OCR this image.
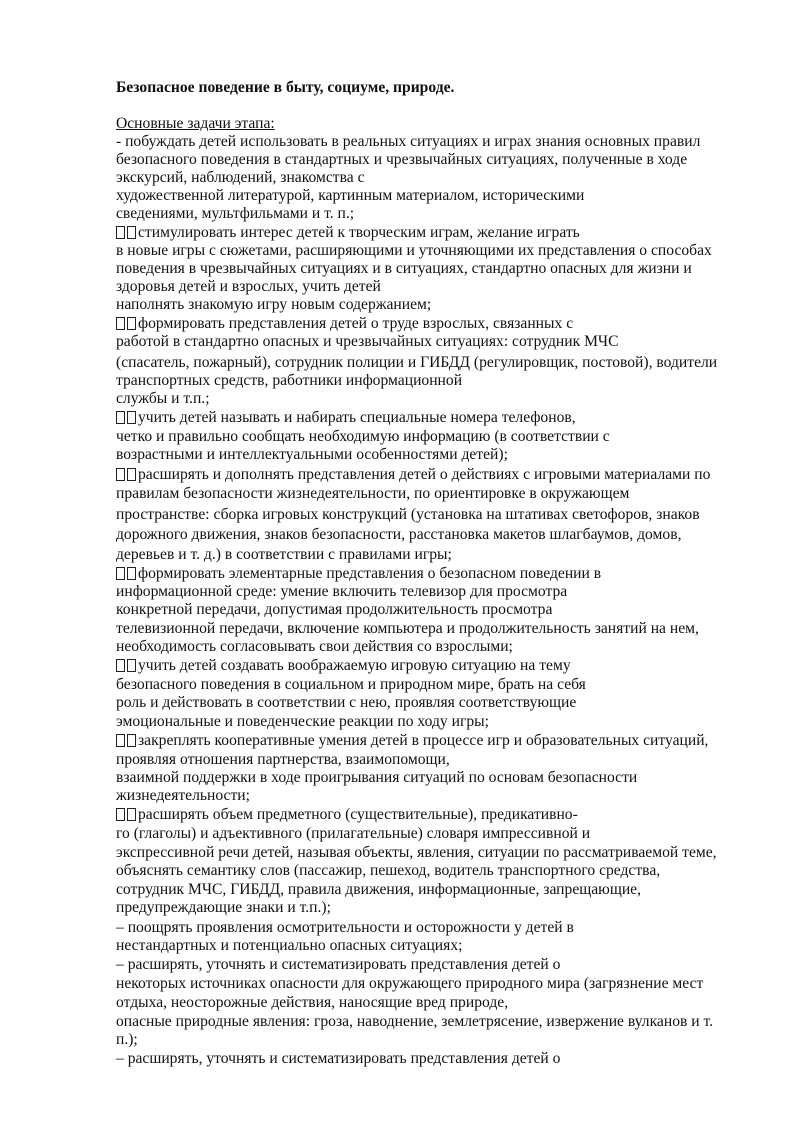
Безопасное поведение в быту, социуме, природе.
Основные задачи этапа:
- побуждать детей использовать в реальных ситуациях и играх знания основных правил
безопасного поведения в стандартных и чрезвычайных ситуациях, полученные в ходе
экскурсий, наблюдений, знакомства с
художественной литературой, картинным материалом, историческими
сведениями, мультфильмами и т. п.;
стимулировать интерес детей к творческим играм, желание играть
в новые игры с сюжетами, расширяющими и уточняющими их представления о способах
поведения в чрезвычайных ситуациях и в ситуациях, стандартно опасных для жизни и
здоровья детей и взрослых, учить детей
наполнять знакомую игру новым содержанием;
формировать представления детей о труде взрослых, связанных с
работой в стандартно опасных и чрезвычайных ситуациях: сотрудник МЧС
(спасатель, пожарный), сотрудник полиции и ГИБДД (регулировщик, постовой), водители
транспортных средств, работники информационной
службы и т.п.;
учить детей называть и набирать специальные номера телефонов,
четко и правильно сообщать необходимую информацию (в соответствии с
возрастными и интеллектуальными особенностями детей);
расширять и дополнять представления детей о действиях с игровыми материалами по
правилам безопасности жизнедеятельности, по ориентировке в окружающем
пространстве: сборка игровых конструкций (установка на штативах светофоров, знаков
дорожного движения, знаков безопасности, расстановка макетов шлагбаумов, домов,
деревьев и т. д.) в соответствии с правилами игры;
формировать элементарные представления о безопасном поведении в
информационной среде: умение включить телевизор для просмотра
конкретной передачи, допустимая продолжительность просмотра
телевизионной передачи, включение компьютера и продолжительность занятий на нем,
необходимость согласовывать свои действия со взрослыми;
учить детей создавать воображаемую игровую ситуацию на тему
безопасного поведения в социальном и природном мире, брать на себя
роль и действовать в соответствии с нею, проявляя соответствующие
эмоциональные и поведенческие реакции по ходу игры;
закреплять кооперативные умения детей в процессе игр и образовательных ситуаций,
проявляя отношения партнерства, взаимопомощи,
взаимной поддержки в ходе проигрывания ситуаций по основам безопасности
жизнедеятельности;
расширять объем предметного (существительные), предикативно-
го (глаголы) и адъективного (прилагательные) словаря импрессивной и
экспрессивной речи детей, называя объекты, явления, ситуации по рассматриваемой теме,
объяснять семантику слов (пассажир, пешеход, водитель транспортного средства,
сотрудник МЧС, ГИБДД, правила движения, информационные, запрещающие,
предупреждающие знаки и т.п.);
– поощрять проявления осмотрительности и осторожности у детей в
нестандартных и потенциально опасных ситуациях;
– расширять, уточнять и систематизировать представления детей о
некоторых источниках опасности для окружающего природного мира (загрязнение мест
отдыха, неосторожные действия, наносящие вред природе,
опасные природные явления: гроза, наводнение, землетрясение, извержение вулканов и т.
п.);
– расширять, уточнять и систематизировать представления детей о
